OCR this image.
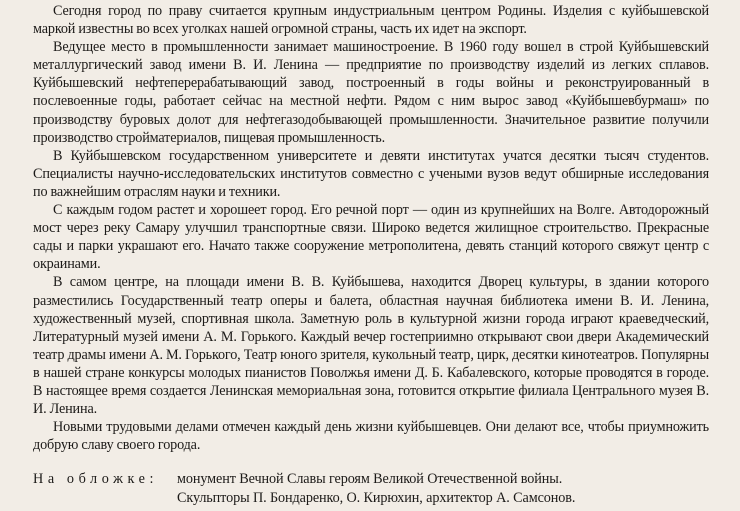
Сегодня город по праву считается крупным индустриальным центром Родины. Изделия с куйбышевской маркой известны во всех уголках нашей огромной страны, часть их идет на экспорт.

Ведущее место в промышленности занимает машиностроение. В 1960 году вошел в строй Куйбышевский металлургический завод имени В. И. Ленина — предприятие по производству изделий из легких сплавов. Куйбышевский нефтеперерабатывающий завод, построенный в годы войны и реконструированный в послевоенные годы, работает сейчас на местной нефти. Рядом с ним вырос завод «Куйбышевбурмаш» по производству буровых долот для нефтегазодобывающей промышленности. Значительное развитие получили производство стройматериалов, пищевая промышленность.

В Куйбышевском государственном университете и девяти институтах учатся десятки тысяч студентов. Специалисты научно-исследовательских институтов совместно с учеными вузов ведут обширные исследования по важнейшим отраслям науки и техники.

С каждым годом растет и хорошеет город. Его речной порт — один из крупнейших на Волге. Автодорожный мост через реку Самару улучшил транспортные связи. Широко ведется жилищное строительство. Прекрасные сады и парки украшают его. Начато также сооружение метрополитена, девять станций которого свяжут центр с окраинами.

В самом центре, на площади имени В. В. Куйбышева, находится Дворец культуры, в здании которого разместились Государственный театр оперы и балета, областная научная библиотека имени В. И. Ленина, художественный музей, спортивная школа. Заметную роль в культурной жизни города играют краеведческий, Литературный музей имени А. М. Горького. Каждый вечер гостеприимно открывают свои двери Академический театр драмы имени А. М. Горького, Театр юного зрителя, кукольный театр, цирк, десятки кинотеатров. Популярны в нашей стране конкурсы молодых пианистов Поволжья имени Д. Б. Кабалевского, которые проводятся в городе. В настоящее время создается Ленинская мемориальная зона, готовится открытие филиала Центрального музея В. И. Ленина.

Новыми трудовыми делами отмечен каждый день жизни куйбышевцев. Они делают все, чтобы приумножить добрую славу своего города.

На обложке:	монумент Вечной Славы героям Великой Отечественной войны.
Скульпторы П. Бондаренко, О. Кирюхин, архитектор А. Самсонов.
